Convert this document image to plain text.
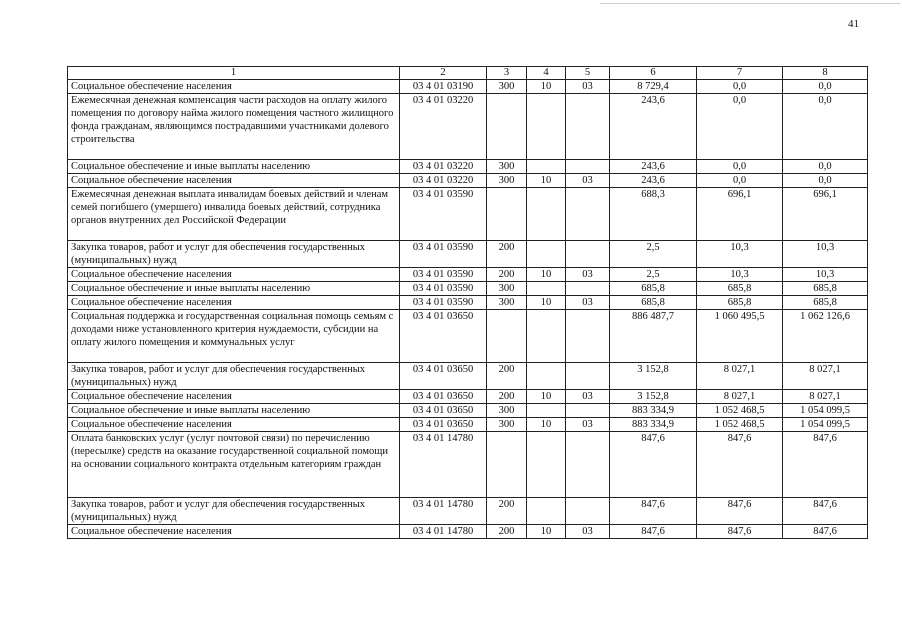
41
1	2	3	4	5	6	7	8
Социальное обеспечение населения	03 4 01 03190	300	10	03	8 729,4	0,0	0,0
Ежемесячная денежная компенсация части расходов на оплату жилого помещения по договору найма жилого помещения частного жилищного фонда гражданам, являющимся пострадавшими участниками долевого строительства	03 4 01 03220				243,6	0,0	0,0
Социальное обеспечение и иные выплаты населению	03 4 01 03220	300			243,6	0,0	0,0
Социальное обеспечение населения	03 4 01 03220	300	10	03	243,6	0,0	0,0
Ежемесячная денежная выплата инвалидам боевых действий и членам семей погибшего (умершего) инвалида боевых действий, сотрудника органов внутренних дел Российской Федерации	03 4 01 03590				688,3	696,1	696,1
Закупка товаров, работ и услуг для обеспечения государственных (муниципальных) нужд	03 4 01 03590	200			2,5	10,3	10,3
Социальное обеспечение населения	03 4 01 03590	200	10	03	2,5	10,3	10,3
Социальное обеспечение и иные выплаты населению	03 4 01 03590	300			685,8	685,8	685,8
Социальное обеспечение населения	03 4 01 03590	300	10	03	685,8	685,8	685,8
Социальная поддержка и государственная социальная помощь семьям с доходами ниже установленного критерия нуждаемости, субсидии на оплату жилого помещения и коммунальных услуг	03 4 01 03650				886 487,7	1 060 495,5	1 062 126,6
Закупка товаров, работ и услуг для обеспечения государственных (муниципальных) нужд	03 4 01 03650	200			3 152,8	8 027,1	8 027,1
Социальное обеспечение населения	03 4 01 03650	200	10	03	3 152,8	8 027,1	8 027,1
Социальное обеспечение и иные выплаты населению	03 4 01 03650	300			883 334,9	1 052 468,5	1 054 099,5
Социальное обеспечение населения	03 4 01 03650	300	10	03	883 334,9	1 052 468,5	1 054 099,5
Оплата банковских услуг (услуг почтовой связи) по перечислению (пересылке) средств на оказание государственной социальной помощи на основании социального контракта отдельным категориям граждан	03 4 01 14780				847,6	847,6	847,6
Закупка товаров, работ и услуг для обеспечения государственных (муниципальных) нужд	03 4 01 14780	200			847,6	847,6	847,6
Социальное обеспечение населения	03 4 01 14780	200	10	03	847,6	847,6	847,6
